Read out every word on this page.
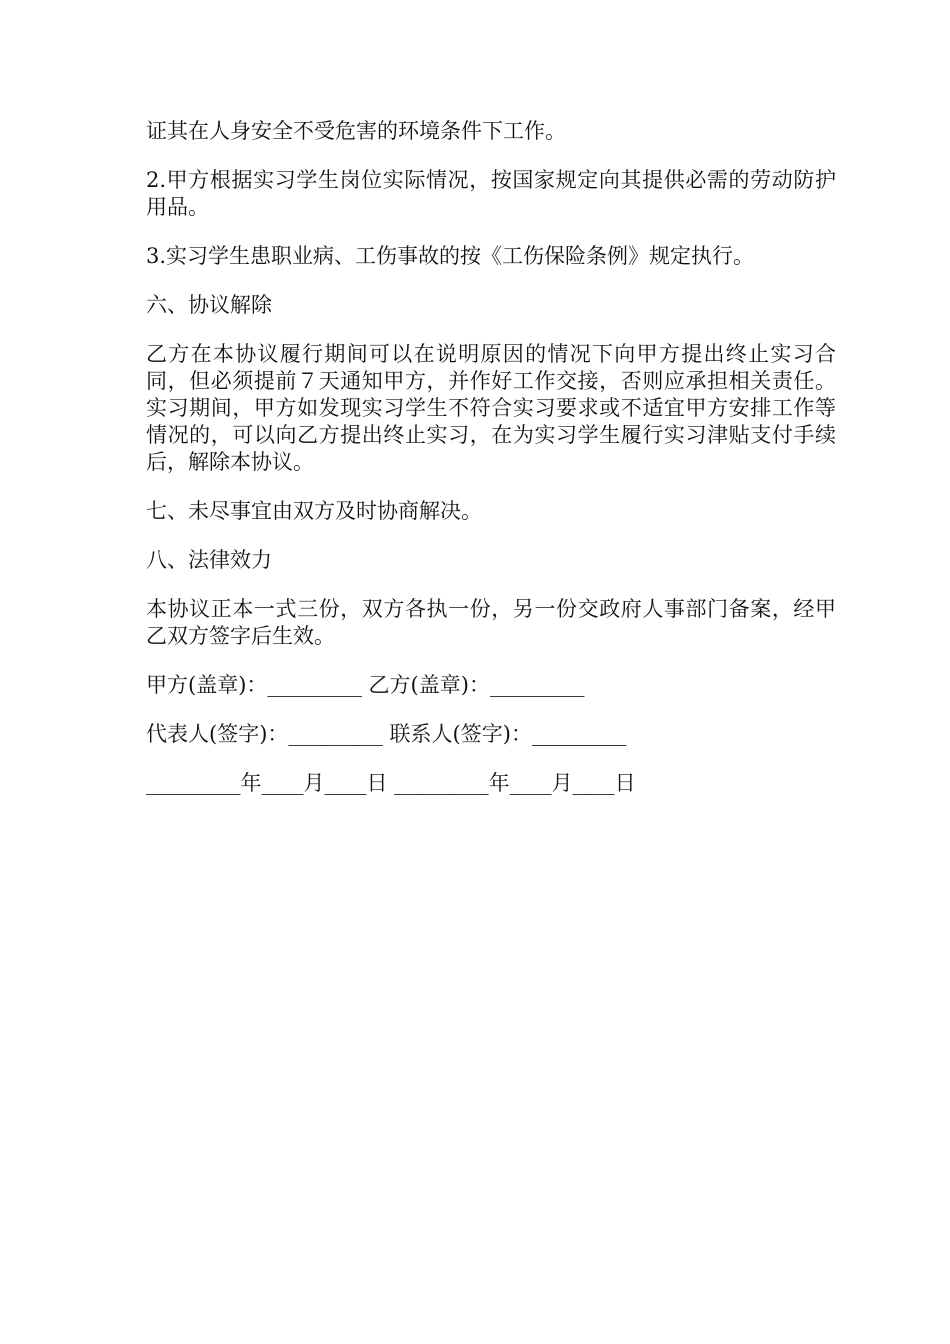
证其在人身安全不受危害的环境条件下工作。

2.甲方根据实习学生岗位实际情况，按国家规定向其提供必需的劳动防护用品。

3.实习学生患职业病、工伤事故的按《工伤保险条例》规定执行。

六、协议解除

乙方在本协议履行期间可以在说明原因的情况下向甲方提出终止实习合同，但必须提前７天通知甲方，并作好工作交接，否则应承担相关责任。实习期间，甲方如发现实习学生不符合实习要求或不适宜甲方安排工作等情况的，可以向乙方提出终止实习，在为实习学生履行实习津贴支付手续后，解除本协议。

七、未尽事宜由双方及时协商解决。

八、法律效力

本协议正本一式三份，双方各执一份，另一份交政府人事部门备案，经甲乙双方签字后生效。

甲方(盖章)：_________ 乙方(盖章)：_________

代表人(签字)：_________ 联系人(签字)：_________

_________年____月____日 _________年____月____日
